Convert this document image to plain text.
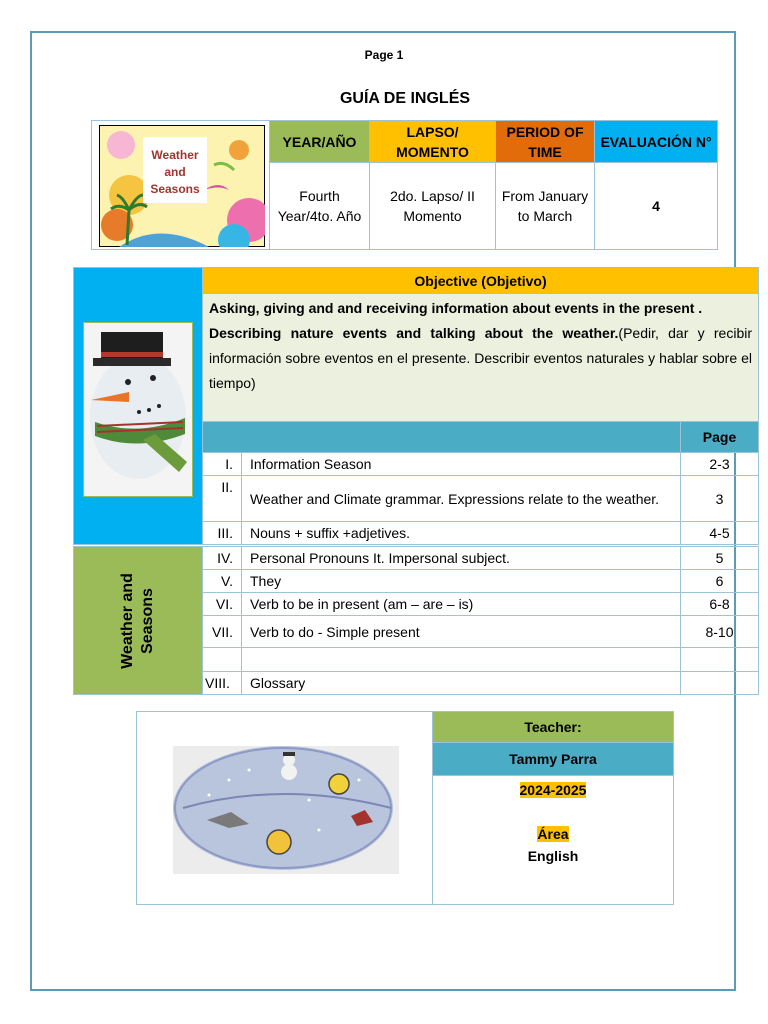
Page 1
GUÍA DE INGLÉS
Weather
and
Seasons	YEAR/AÑO	LAPSO/ MOMENTO	PERIOD OF TIME	EVALUACIÓN N°
	Fourth Year/4to. Año	2do. Lapso/ II Momento	From January to March	4
	Objective (Objetivo)		
	Asking, giving and and receiving information about events in the present .
Describing nature events and talking about the weather.(Pedir, dar y recibir información sobre eventos en el presente. Describir eventos naturales y hablar sobre el tiempo)		
			Page
	I.	Information Season	2-3
	II.	Weather and Climate grammar. Expressions relate to the weather.	3
	III.	Nouns + suffix +adjetives.	4-5
Weather and Seasons	IV.	Personal Pronouns It. Impersonal subject.	5
	V.	They	6
	VI.	Verb to be in present (am – are – is)	6-8
	VII.	Verb to do - Simple present	8-10

	VIII.	Glossary	
	Teacher:
Tammy Parra
2024-2025

Área
English
